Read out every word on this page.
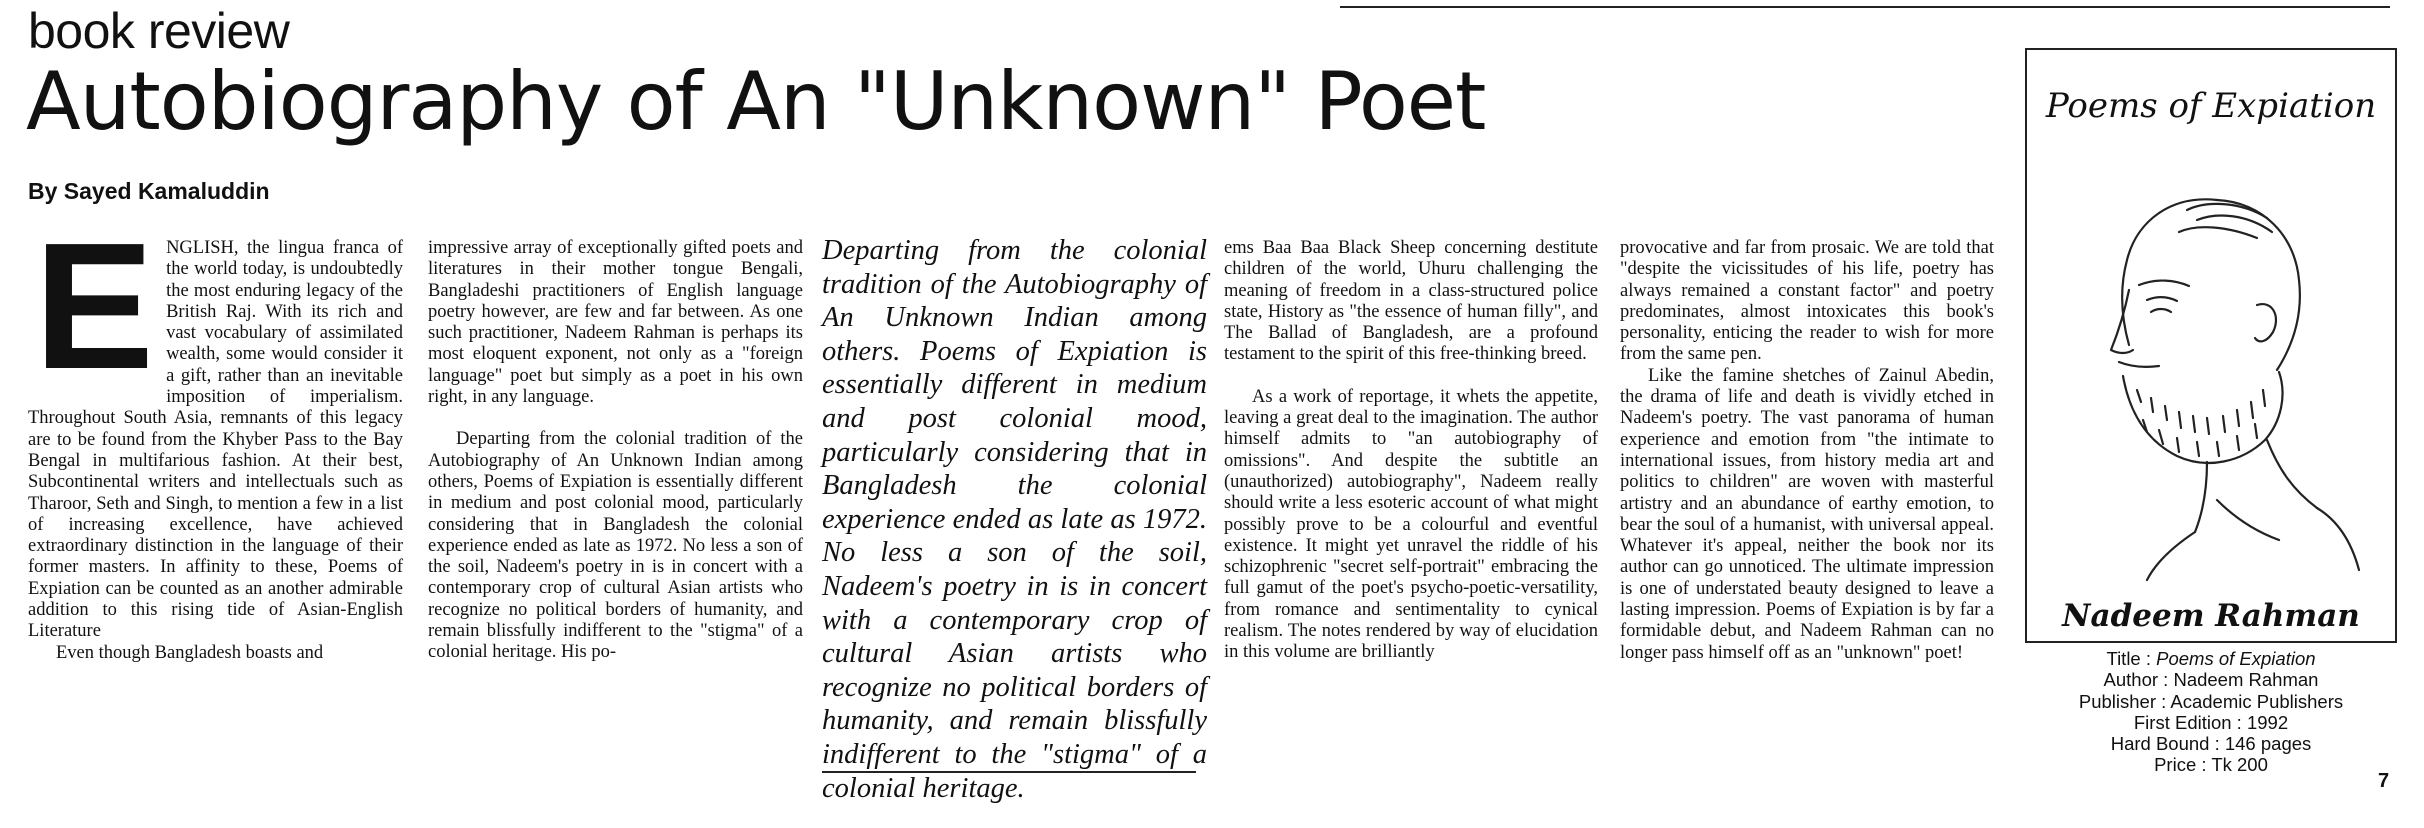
book review
Autobiography of An "Unknown" Poet
By Sayed Kamaluddin
E NGLISH, the lingua franca of the world today, is undoubtedly the most enduring legacy of the British Raj. With its rich and vast vocabulary of assimilated wealth, some would consider it a gift, rather than an inevitable imposition of imperialism. Throughout South Asia, remnants of this legacy are to be found from the Khyber Pass to the Bay Bengal in multifarious fashion. At their best, Subcontinental writers and intellectuals such as Tharoor, Seth and Singh, to mention a few in a list of increasing excellence, have achieved extraordinary distinction in the language of their former masters. In affinity to these, Poems of Expiation can be counted as an another admirable addition to this rising tide of Asian-English Literature

Even though Bangladesh boasts and

impressive array of exceptionally gifted poets and literatures in their mother tongue Bengali, Bangladeshi practitioners of English language poetry however, are few and far between. As one such practitioner, Nadeem Rahman is perhaps its most eloquent exponent, not only as a "foreign language" poet but simply as a poet in his own right, in any language.

Departing from the colonial tradition of the Autobiography of An Unknown Indian among others, Poems of Expiation is essentially different in medium and post colonial mood, particularly considering that in Bangladesh the colonial experience ended as late as 1972. No less a son of the soil, Nadeem's poetry in is in concert with a contemporary crop of cultural Asian artists who recognize no political borders of humanity, and remain blissfully indifferent to the "stigma" of a colonial heritage. His po-

Departing from the colonial tradition of the Autobiography of An Unknown Indian among others. Poems of Expiation is essentially different in medium and post colonial mood, particularly considering that in Bangladesh the colonial experience ended as late as 1972. No less a son of the soil, Nadeem's poetry in is in concert with a contemporary crop of cultural Asian artists who recognize no political borders of humanity, and remain blissfully indifferent to the "stigma" of a colonial heritage.

ems Baa Baa Black Sheep concerning destitute children of the world, Uhuru challenging the meaning of freedom in a class-structured police state, History as "the essence of human filly", and The Ballad of Bangladesh, are a profound testament to the spirit of this free-thinking breed.

As a work of reportage, it whets the appetite, leaving a great deal to the imagination. The author himself admits to "an autobiography of omissions". And despite the subtitle an (unauthorized) autobiography", Nadeem really should write a less esoteric account of what might possibly prove to be a colourful and eventful existence. It might yet unravel the riddle of his schizophrenic "secret self-portrait" embracing the full gamut of the poet's psycho-poetic-versatility, from romance and sentimentality to cynical realism. The notes rendered by way of elucidation in this volume are brilliantly

provocative and far from prosaic. We are told that "despite the vicissitudes of his life, poetry has always remained a constant factor" and poetry predominates, almost intoxicates this book's personality, enticing the reader to wish for more from the same pen.

Like the famine shetches of Zainul Abedin, the drama of life and death is vividly etched in Nadeem's poetry. The vast panorama of human experience and emotion from "the intimate to international issues, from history media art and politics to children" are woven with masterful artistry and an abundance of earthy emotion, to bear the soul of a humanist, with universal appeal. Whatever it's appeal, neither the book nor its author can go unnoticed. The ultimate impression is one of understated beauty designed to leave a lasting impression. Poems of Expiation is by far a formidable debut, and Nadeem Rahman can no longer pass himself off as an "unknown" poet!

Poems of Expiation
Nadeem Rahman
Title : Poems of Expiation
Author : Nadeem Rahman
Publisher : Academic Publishers
First Edition : 1992
Hard Bound : 146 pages
Price : Tk 200
7
